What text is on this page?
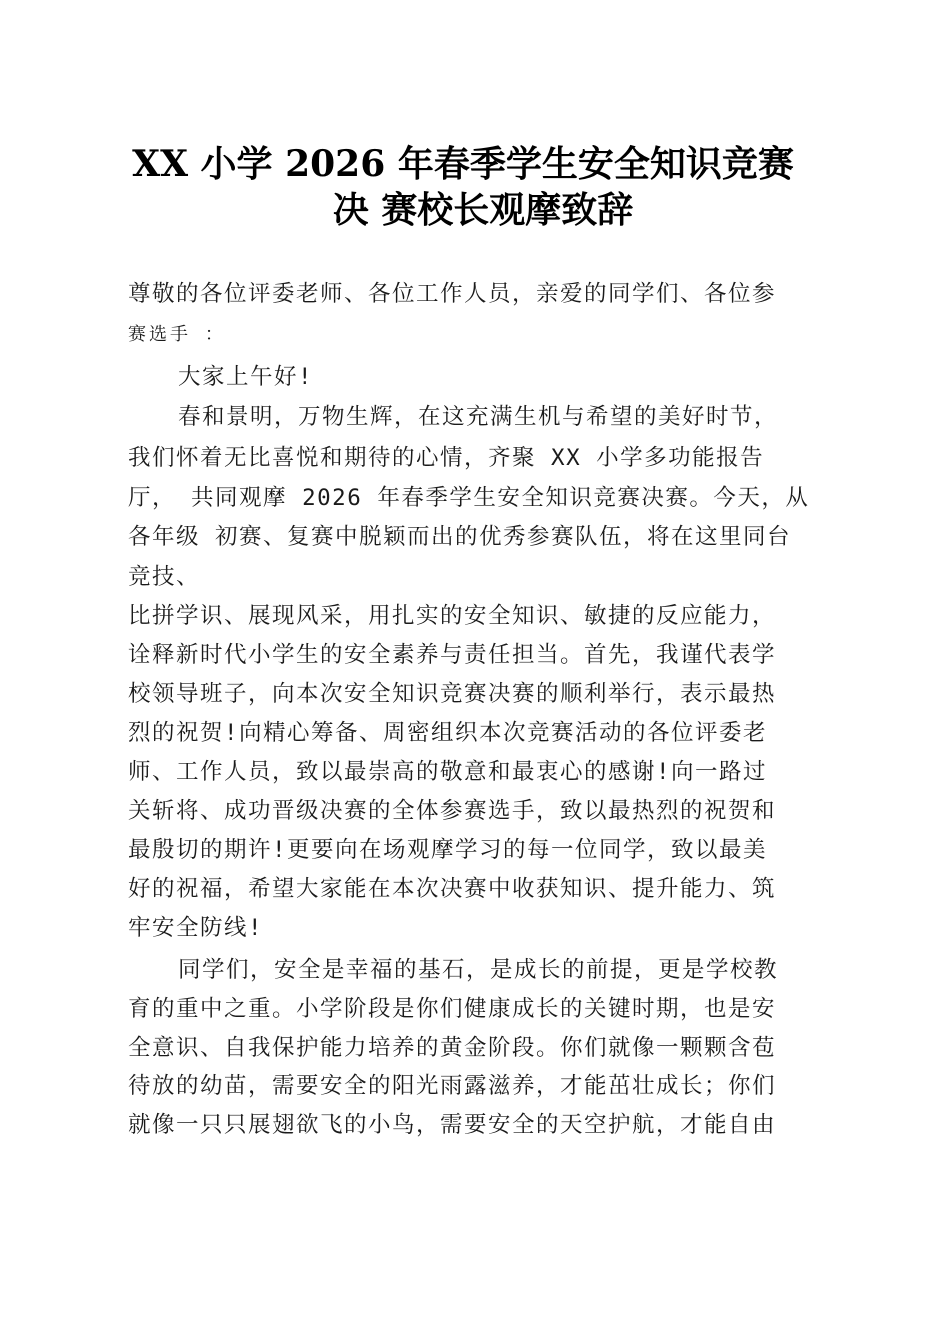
XX 小学 2026 年春季学生安全知识竞赛
决 赛校长观摩致辞
尊敬的各位评委老师、各位工作人员，亲爱的同学们、各位参
赛选手 ：
大家上午好!
春和景明，万物生辉，在这充满生机与希望的美好时节，
我们怀着无比喜悦和期待的心情，齐聚 XX 小学多功能报告
厅， 共同观摩 2026 年春季学生安全知识竞赛决赛。今天，从
各年级 初赛、复赛中脱颖而出的优秀参赛队伍，将在这里同台
竞技、
比拼学识、展现风采，用扎实的安全知识、敏捷的反应能力，
诠释新时代小学生的安全素养与责任担当。首先，我谨代表学
校领导班子，向本次安全知识竞赛决赛的顺利举行，表示最热
烈的祝贺!向精心筹备、周密组织本次竞赛活动的各位评委老
师、工作人员，致以最崇高的敬意和最衷心的感谢!向一路过
关斩将、成功晋级决赛的全体参赛选手，致以最热烈的祝贺和
最殷切的期许!更要向在场观摩学习的每一位同学，致以最美
好的祝福，希望大家能在本次决赛中收获知识、提升能力、筑
牢安全防线!
同学们，安全是幸福的基石，是成长的前提，更是学校教
育的重中之重。小学阶段是你们健康成长的关键时期，也是安
全意识、自我保护能力培养的黄金阶段。你们就像一颗颗含苞
待放的幼苗，需要安全的阳光雨露滋养，才能茁壮成长；你们
就像一只只展翅欲飞的小鸟，需要安全的天空护航，才能自由
